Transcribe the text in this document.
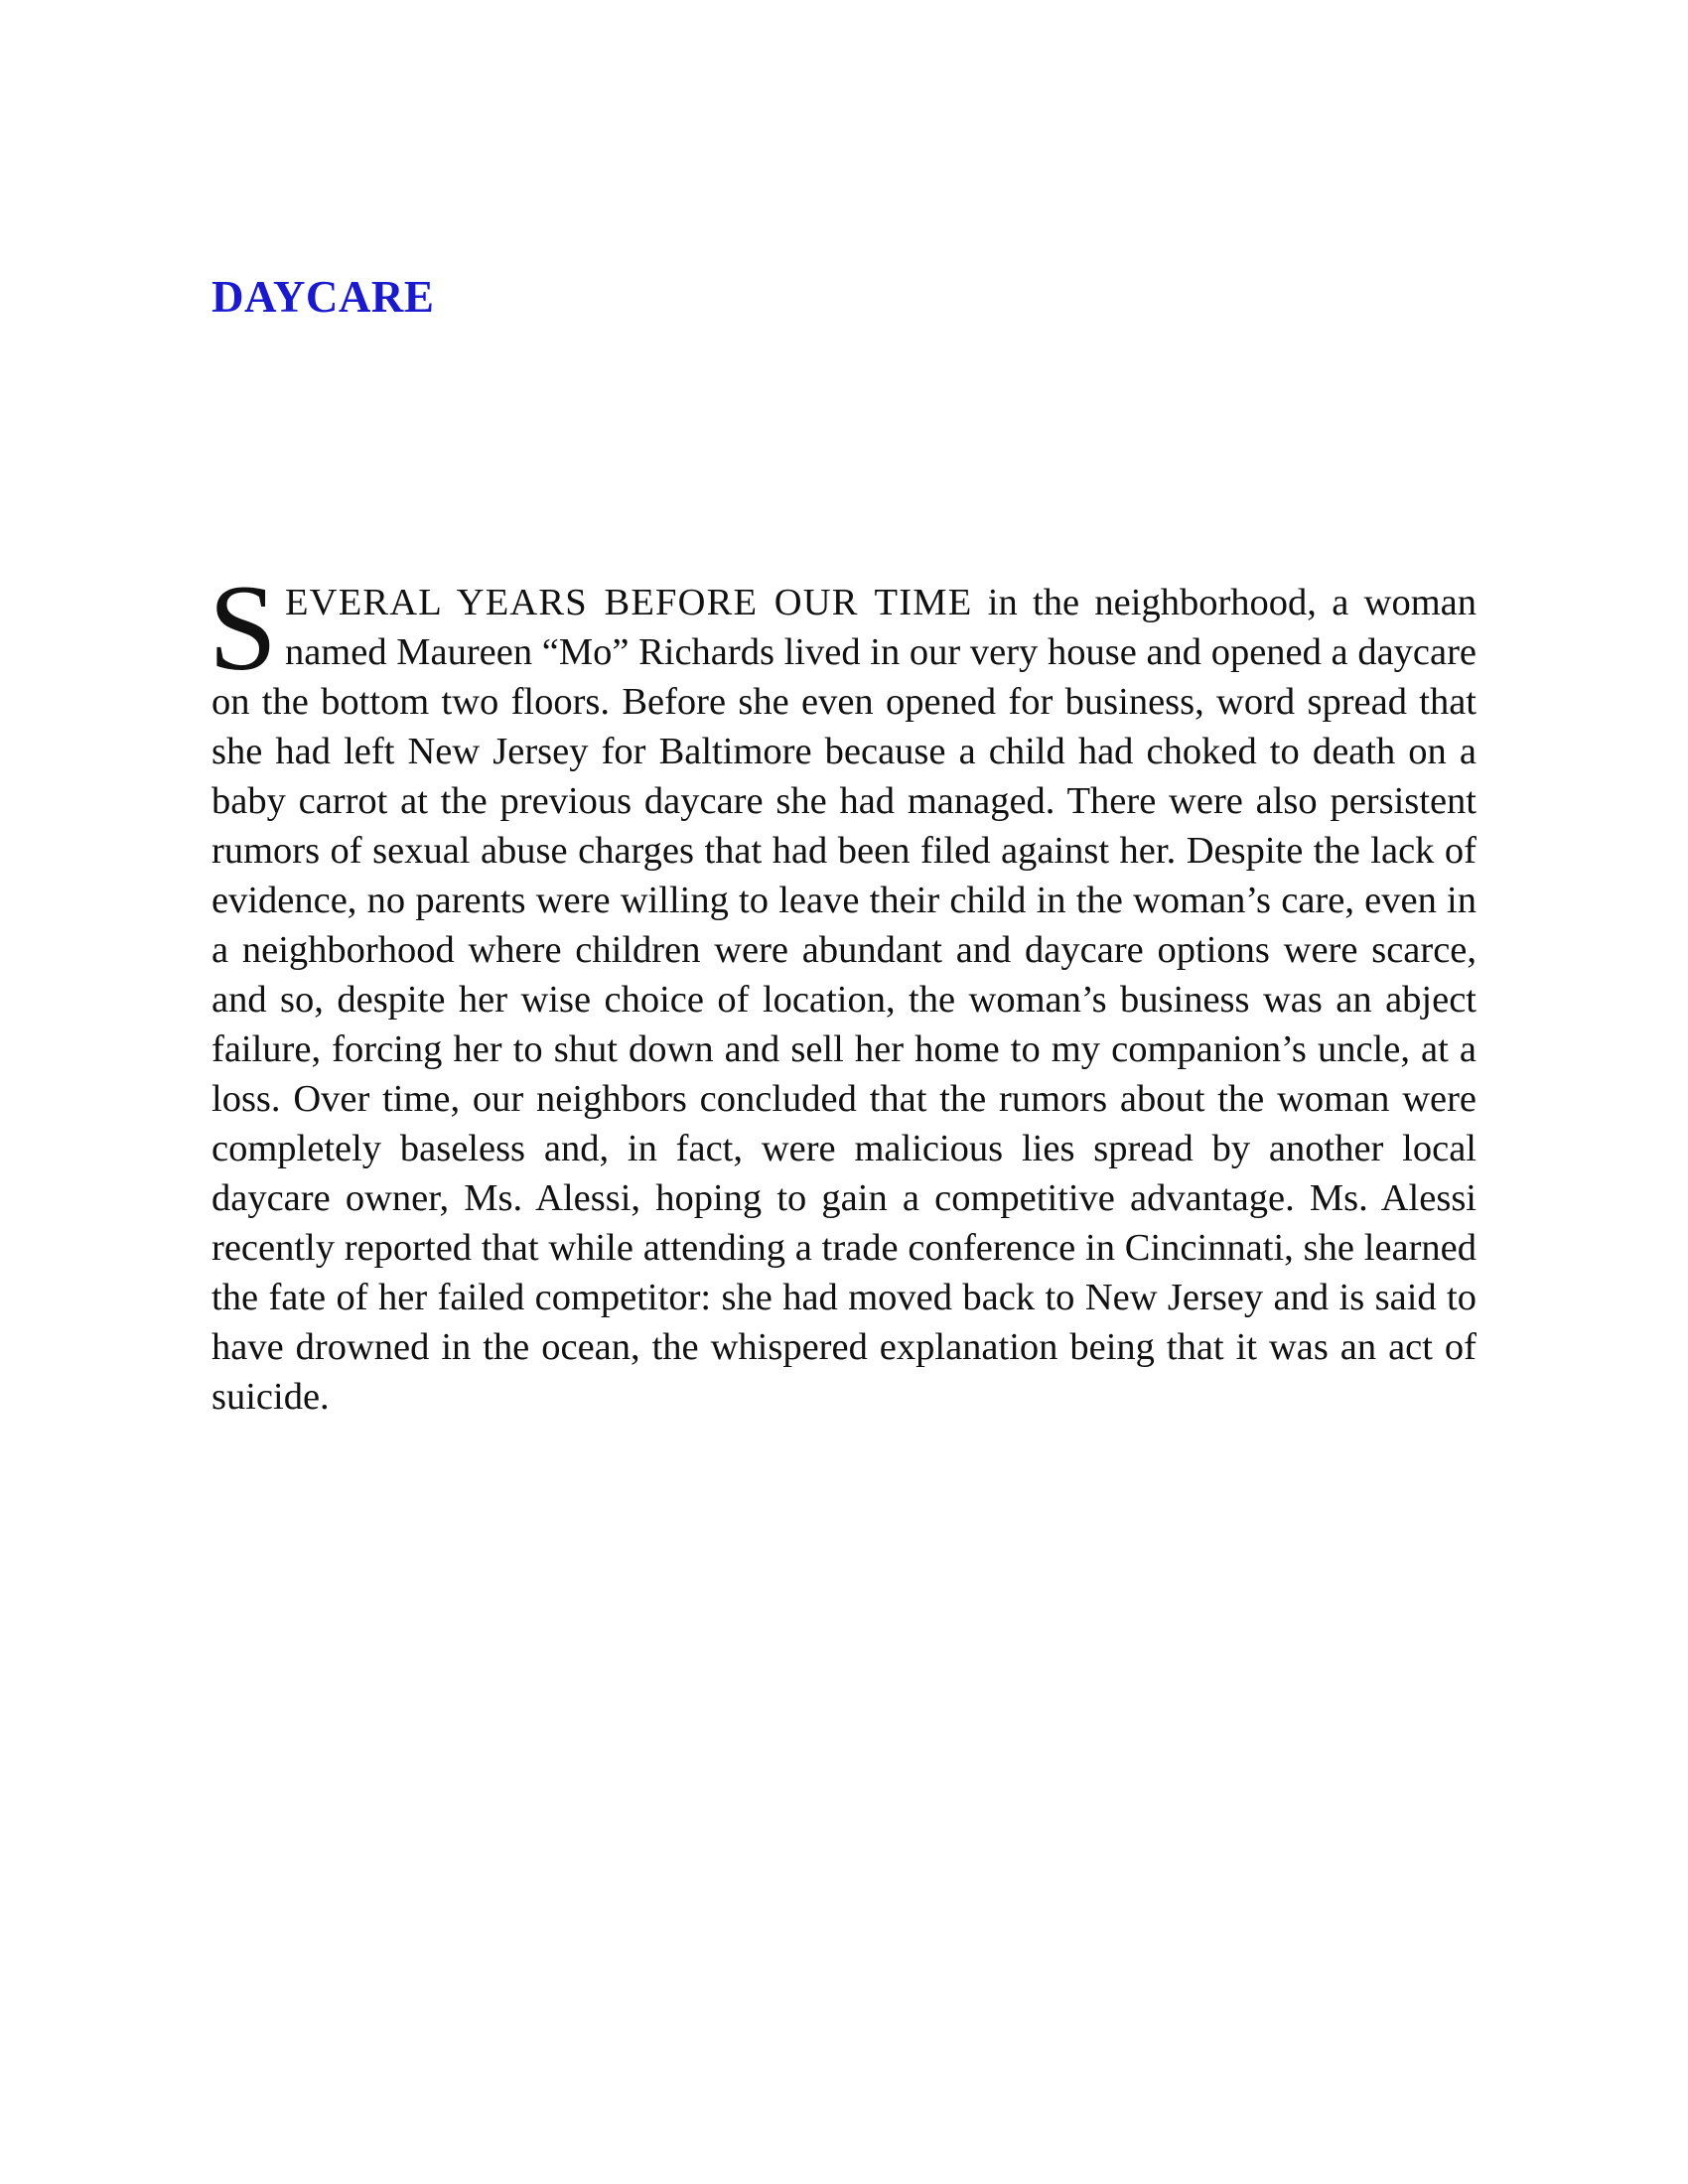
DAYCARE

SEVERAL YEARS BEFORE OUR TIME in the neighborhood, a woman named Maureen “Mo” Richards lived in our very house and opened a daycare on the bottom two floors. Before she even opened for business, word spread that she had left New Jersey for Baltimore because a child had choked to death on a baby carrot at the previous daycare she had managed. There were also persistent rumors of sexual abuse charges that had been filed against her. Despite the lack of evidence, no parents were willing to leave their child in the woman’s care, even in a neighborhood where children were abundant and daycare options were scarce, and so, despite her wise choice of location, the woman’s business was an abject failure, forcing her to shut down and sell her home to my companion’s uncle, at a loss. Over time, our neighbors concluded that the rumors about the woman were completely baseless and, in fact, were malicious lies spread by another local daycare owner, Ms. Alessi, hoping to gain a competitive advantage. Ms. Alessi recently reported that while attending a trade conference in Cincinnati, she learned the fate of her failed competitor: she had moved back to New Jersey and is said to have drowned in the ocean, the whispered explanation being that it was an act of suicide.
